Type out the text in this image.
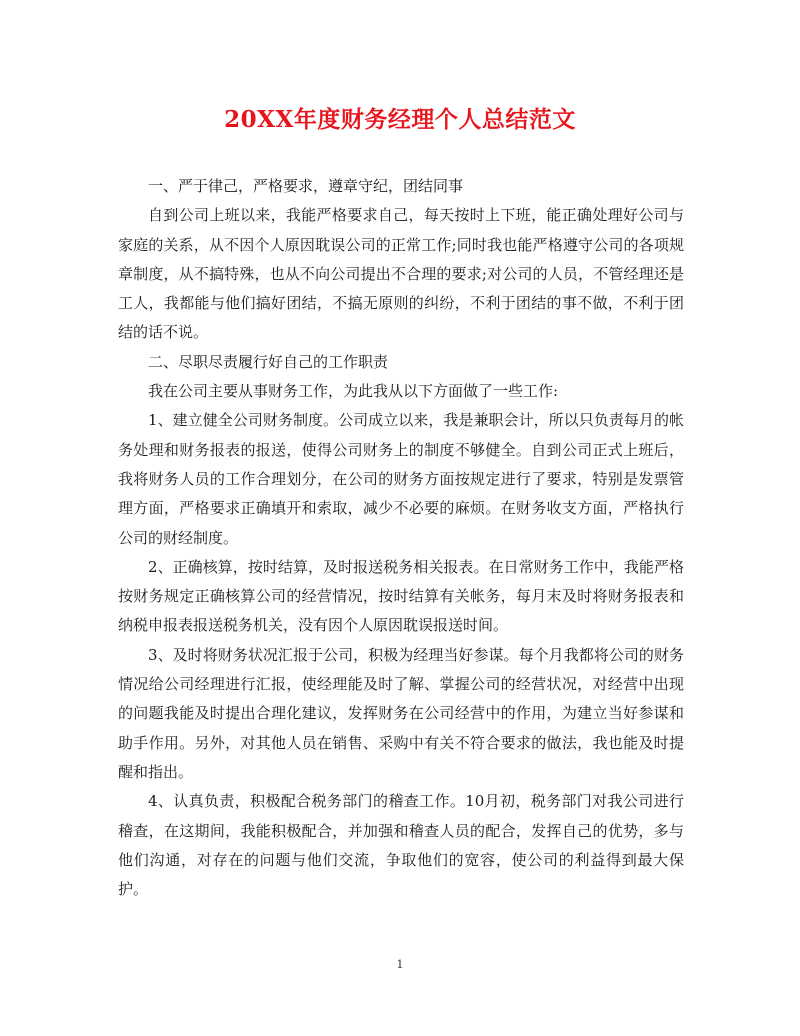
20XX年度财务经理个人总结范文

一、严于律己，严格要求，遵章守纪，团结同事

自到公司上班以来，我能严格要求自己，每天按时上下班，能正确处理好公司与家庭的关系，从不因个人原因耽误公司的正常工作;同时我也能严格遵守公司的各项规章制度，从不搞特殊，也从不向公司提出不合理的要求;对公司的人员，不管经理还是工人，我都能与他们搞好团结，不搞无原则的纠纷，不利于团结的事不做，不利于团结的话不说。

二、尽职尽责履行好自己的工作职责

我在公司主要从事财务工作，为此我从以下方面做了一些工作:

1、建立健全公司财务制度。公司成立以来，我是兼职会计，所以只负责每月的帐务处理和财务报表的报送，使得公司财务上的制度不够健全。自到公司正式上班后，我将财务人员的工作合理划分，在公司的财务方面按规定进行了要求，特别是发票管理方面，严格要求正确填开和索取，减少不必要的麻烦。在财务收支方面，严格执行公司的财经制度。

2、正确核算，按时结算，及时报送税务相关报表。在日常财务工作中，我能严格按财务规定正确核算公司的经营情况，按时结算有关帐务，每月末及时将财务报表和纳税申报表报送税务机关，没有因个人原因耽误报送时间。

3、及时将财务状况汇报于公司，积极为经理当好参谋。每个月我都将公司的财务情况给公司经理进行汇报，使经理能及时了解、掌握公司的经营状况，对经营中出现的问题我能及时提出合理化建议，发挥财务在公司经营中的作用，为建立当好参谋和助手作用。另外，对其他人员在销售、采购中有关不符合要求的做法，我也能及时提醒和指出。

4、认真负责，积极配合税务部门的稽查工作。10月初，税务部门对我公司进行稽查，在这期间，我能积极配合，并加强和稽查人员的配合，发挥自己的优势，多与他们沟通，对存在的问题与他们交流，争取他们的宽容，使公司的利益得到最大保护。

1
